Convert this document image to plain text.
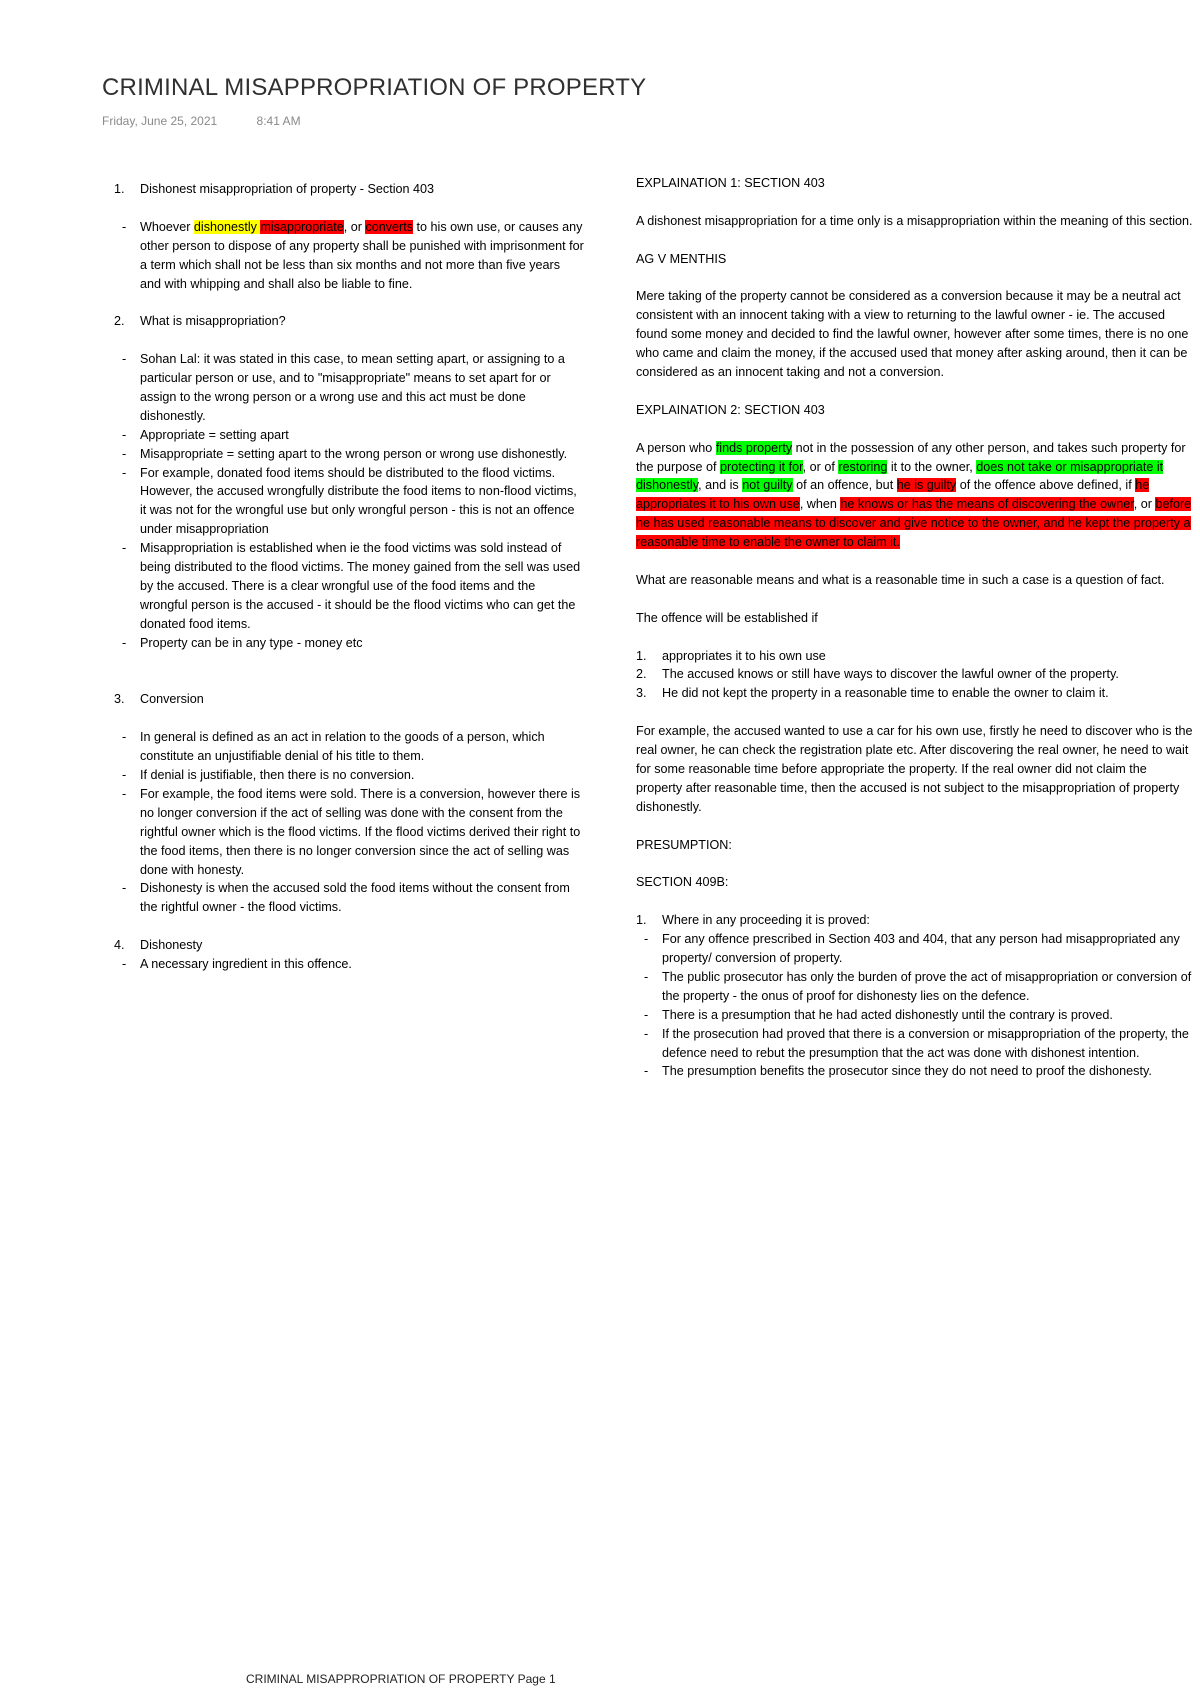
CRIMINAL MISAPPROPRIATION OF PROPERTY
Friday, June 25, 2021	8:41 AM
1. Dishonest misappropriation of property - Section 403
- Whoever dishonestly misappropriate, or converts to his own use, or causes any other person to dispose of any property shall be punished with imprisonment for a term which shall not be less than six months and not more than five years and with whipping and shall also be liable to fine.
2. What is misappropriation?
- Sohan Lal: it was stated in this case, to mean setting apart, or assigning to a particular person or use, and to "misappropriate" means to set apart for or assign to the wrong person or a wrong use and this act must be done dishonestly.
- Appropriate = setting apart
- Misappropriate = setting apart to the wrong person or wrong use dishonestly.
- For example, donated food items should be distributed to the flood victims. However, the accused wrongfully distribute the food items to non-flood victims, it was not for the wrongful use but only wrongful person - this is not an offence under misappropriation
- Misappropriation is established when ie the food victims was sold instead of being distributed to the flood victims. The money gained from the sell was used by the accused. There is a clear wrongful use of the food items and the wrongful person is the accused - it should be the flood victims who can get the donated food items.
- Property can be in any type - money etc
3. Conversion
- In general is defined as an act in relation to the goods of a person, which constitute an unjustifiable denial of his title to them.
- If denial is justifiable, then there is no conversion.
- For example, the food items were sold. There is a conversion, however there is no longer conversion if the act of selling was done with the consent from the rightful owner which is the flood victims. If the flood victims derived their right to the food items, then there is no longer conversion since the act of selling was done with honesty.
- Dishonesty is when the accused sold the food items without the consent from the rightful owner - the flood victims.
4. Dishonesty
- A necessary ingredient in this offence.

EXPLAINATION 1: SECTION 403

A dishonest misappropriation for a time only is a misappropriation within the meaning of this section.

AG V MENTHIS

Mere taking of the property cannot be considered as a conversion because it may be a neutral act consistent with an innocent taking with a view to returning to the lawful owner - ie. The accused found some money and decided to find the lawful owner, however after some times, there is no one who came and claim the money, if the accused used that money after asking around, then it can be considered as an innocent taking and not a conversion.

EXPLAINATION 2: SECTION 403

A person who finds property not in the possession of any other person, and takes such property for the purpose of protecting it for, or of restoring it to the owner, does not take or misappropriate it dishonestly, and is not guilty of an offence, but he is guilty of the offence above defined, if he appropriates it to his own use, when he knows or has the means of discovering the owner, or before he has used reasonable means to discover and give notice to the owner, and he kept the property a reasonable time to enable the owner to claim it.

What are reasonable means and what is a reasonable time in such a case is a question of fact.

The offence will be established if

1. appropriates it to his own use
2. The accused knows or still have ways to discover the lawful owner of the property.
3. He did not kept the property in a reasonable time to enable the owner to claim it.

For example, the accused wanted to use a car for his own use, firstly he need to discover who is the real owner, he can check the registration plate etc. After discovering the real owner, he need to wait for some reasonable time before appropriate the property. If the real owner did not claim the property after reasonable time, then the accused is not subject to the misappropriation of property dishonestly.

PRESUMPTION:

SECTION 409B:

1. Where in any proceeding it is proved:
- For any offence prescribed in Section 403 and 404, that any person had misappropriated any property/ conversion of property.
- The public prosecutor has only the burden of prove the act of misappropriation or conversion of the property - the onus of proof for dishonesty lies on the defence.
- There is a presumption that he had acted dishonestly until the contrary is proved.
- If the prosecution had proved that there is a conversion or misappropriation of the property, the defence need to rebut the presumption that the act was done with dishonest intention.
- The presumption benefits the prosecutor since they do not need to proof the dishonesty.
CRIMINAL MISAPPROPRIATION OF PROPERTY Page 1
